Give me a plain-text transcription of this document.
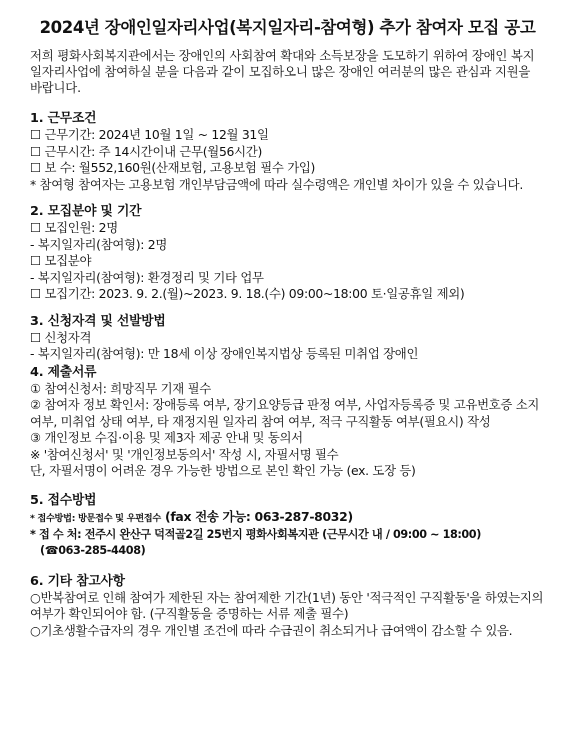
2024년 장애인일자리사업(복지일자리-참여형) 추가 참여자 모집 공고

저희 평화사회복지관에서는 장애인의 사회참여 확대와 소득보장을 도모하기 위하여 장애인 복지일자리사업에 참여하실 분을 다음과 같이 모집하오니 많은 장애인 여러분의 많은 관심과 지원을 바랍니다.

1. 근무조건
☐ 근무기간: 2024년 10월 1일 ~ 12월 31일
☐ 근무시간: 주 14시간이내 근무(월56시간)
☐ 보 수: 월552,160원(산재보험, 고용보험 필수 가입)
* 참여형 참여자는 고용보험 개인부담금액에 따라 실수령액은 개인별 차이가 있을 수 있습니다.
2. 모집분야 및 기간
☐ 모집인원: 2명
- 복지일자리(참여형): 2명
☐ 모집분야
- 복지일자리(참여형): 환경정리 및 기타 업무
☐ 모집기간: 2023. 9. 2.(월)~2023. 9. 18.(수) 09:00~18:00 토·일공휴일 제외)
3. 신청자격 및 선발방법
☐ 신청자격
- 복지일자리(참여형): 만 18세 이상 장애인복지법상 등록된 미취업 장애인
4. 제출서류
① 참여신청서: 희망직무 기재 필수
② 참여자 정보 확인서: 장애등록 여부, 장기요양등급 판정 여부, 사업자등록증 및 고유번호증 소지 여부, 미취업 상태 여부, 타 재정지원 일자리 참여 여부, 적극 구직활동 여부(필요시) 작성
③ 개인정보 수집·이용 및 제3자 제공 안내 및 동의서
※ '참여신청서' 및 '개인정보동의서' 작성 시, 자필서명 필수
단, 자필서명이 어려운 경우 가능한 방법으로 본인 확인 가능 (ex. 도장 등)
5. 접수방법
* 접수방법: 방문접수 및 우편접수 (fax 전송 가능: 063-287-8032)
* 접 수 처: 전주시 완산구 덕적골2길 25번지 평화사회복지관 (근무시간 내 / 09:00 ~ 18:00)
(☎063-285-4408)
6. 기타 참고사항
○반복참여로 인해 참여가 제한된 자는 참여제한 기간(1년) 동안 '적극적인 구직활동'을 하였는지의 여부가 확인되어야 함. (구직활동을 증명하는 서류 제출 필수)
○기초생활수급자의 경우 개인별 조건에 따라 수급권이 취소되거나 급여액이 감소할 수 있음.
